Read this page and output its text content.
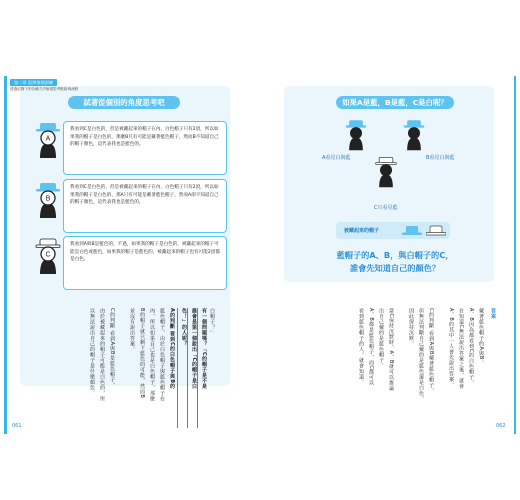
試著從個別的角度思考吧
A
我看到C是白色的，但是被藏起來的帽子在內，白色帽子只有2頂，所以如果我的帽子是白色的，那麼B只有可能是戴著藍色帽子，然而B不知道自己的帽子顏色，這代表我也是藍色的。
B
我看到C是白色的，但是被藏起來的帽子在內，白色帽子只有2頂，所以如果我的帽子是白色的，那A只有可能是戴著藍色帽子，然而A卻不知道自己的帽子顏色，這代表我也是藍色的。
C
我看到A與B是藍色的，不過，如果我的帽子是白色的，被藏起來的帽子可能是白色或藍色，如果我的帽子是藍色的，被藏起來的帽子也有可能2頂都是白色。
白帽子？」
有一個問題嗎？「C的帽子是不是
誰會是第一個說出「C的帽子是白
色！」的人呢？
A的判斷 看到C的白色帽子與B的
藍色帽子，由於白色帽子與藍色帽子在
內，所以如果自己也是白色帽子，那麼
B的帽子就只剩下藍色的可能，然而B
並沒有說出答案。
C的判斷 看到A與B是藍色帽子，
由於被藏起來的帽子可能是白色的，所
以無法說出自己的帽子是什麼顏色。
如果A是藍，B是藍，C是白呢？
A看見白與藍	B看見白與藍
C只看見藍
被藏起來的帽子
藍帽子的A、B，與白帽子的C，
誰會先知道自己的顏色？
答案
戴著藍色帽子的A與B。
A、B因為都看到C的白色帽子，
在知道C無法說出答案之後，就會
A、B的其中一人會先說出答案。
C的判斷 看到A與B戴著藍色帽子，
但無法判斷自己戴的是藍色還是白色，
因此保持沉默。
當C保持沉默時，A、B就可以推論
出自己戴的是藍色帽子。
A、B都是藍色帽子，而C都可以
看到藍色帽子的人，就會知道。
第二章 思辨推理訓練
透過紀錄下的各種方法檢視思考脈絡與流程
061	062
